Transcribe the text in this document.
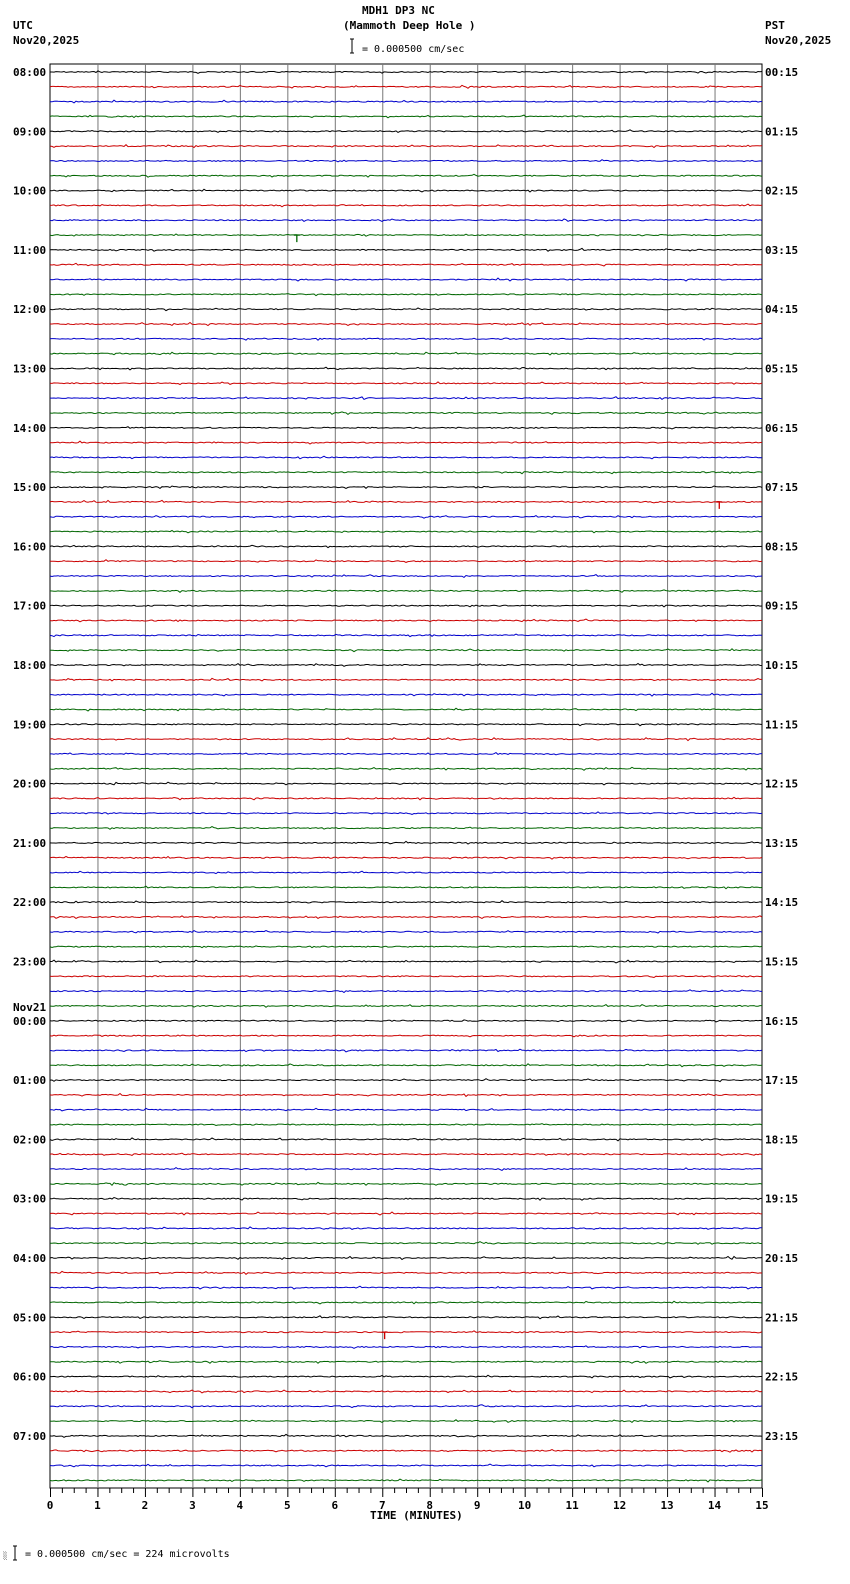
MDH1 DP3 NC
(Mammoth Deep Hole )
UTC
Nov20,2025
PST
Nov20,2025
= 0.000500 cm/sec
= 0.000500 cm/sec = 224 microvolts
TIME (MINUTES)
08:00
09:00
10:00
11:00
12:00
13:00
14:00
15:00
16:00
17:00
18:00
19:00
20:00
21:00
22:00
23:00
00:00
Nov21
01:00
02:00
03:00
04:00
05:00
06:00
07:00
00:15
01:15
02:15
03:15
04:15
05:15
06:15
07:15
08:15
09:15
10:15
11:15
12:15
13:15
14:15
15:15
16:15
17:15
18:15
19:15
20:15
21:15
22:15
23:15
0	1	2	3	4	5	6	7	8	9	10	11	12	13	14	15
░
